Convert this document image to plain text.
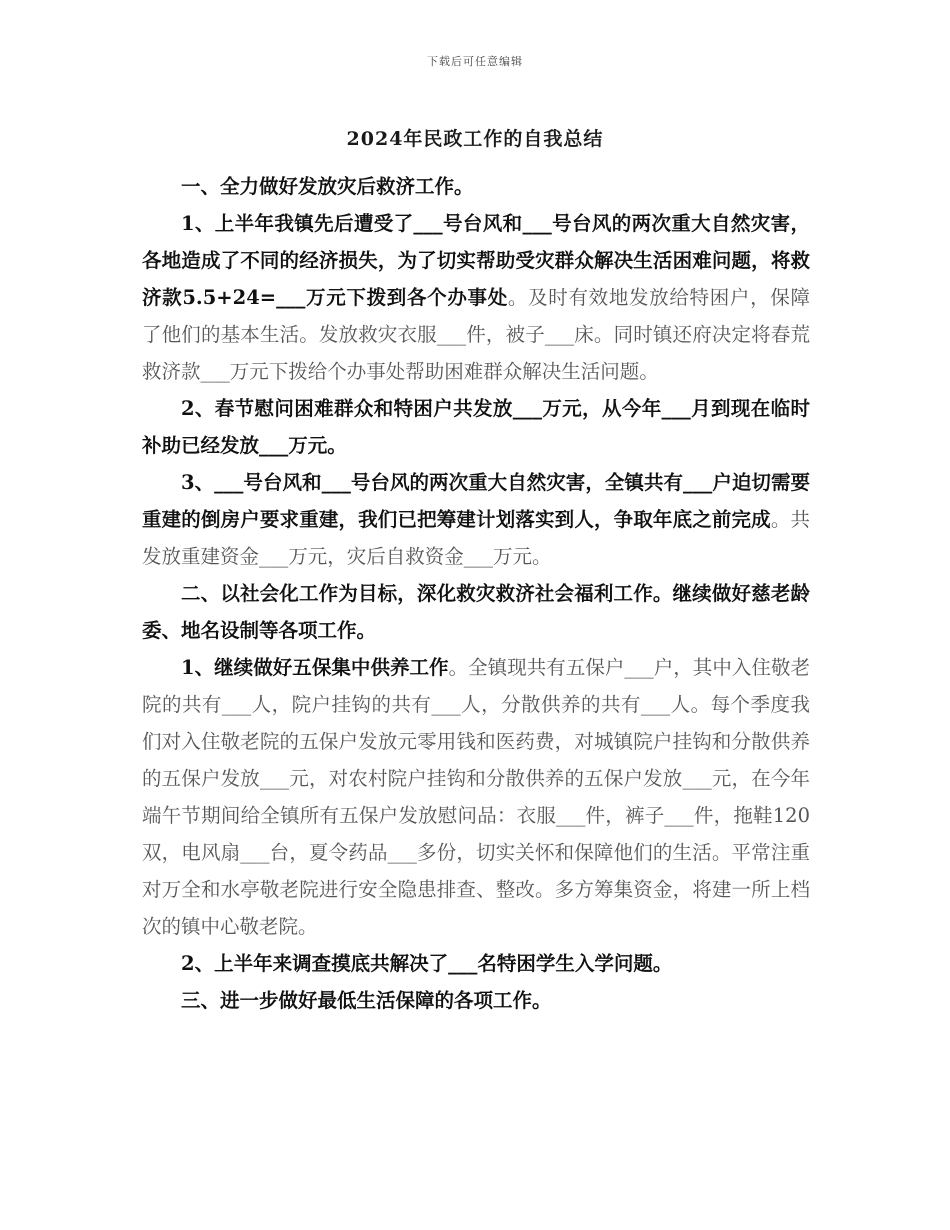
下载后可任意编辑
2024年民政工作的自我总结

一、全力做好发放灾后救济工作。

1、上半年我镇先后遭受了___号台风和___号台风的两次重大自然灾害，各地造成了不同的经济损失，为了切实帮助受灾群众解决生活困难问题，将救济款5.5+24=___万元下拨到各个办事处。及时有效地发放给特困户，保障了他们的基本生活。发放救灾衣服___件，被子___床。同时镇还府决定将春荒救济款___万元下拨给个办事处帮助困难群众解决生活问题。

2、春节慰问困难群众和特困户共发放___万元，从今年___月到现在临时补助已经发放___万元。

3、___号台风和___号台风的两次重大自然灾害，全镇共有___户迫切需要重建的倒房户要求重建，我们已把筹建计划落实到人，争取年底之前完成。共发放重建资金___万元，灾后自救资金___万元。

二、以社会化工作为目标，深化救灾救济社会福利工作。继续做好慈老龄委、地名设制等各项工作。

1、继续做好五保集中供养工作。全镇现共有五保户___户，其中入住敬老院的共有___人，院户挂钩的共有___人，分散供养的共有___人。每个季度我们对入住敬老院的五保户发放元零用钱和医药费，对城镇院户挂钩和分散供养的五保户发放___元，对农村院户挂钩和分散供养的五保户发放___元，在今年端午节期间给全镇所有五保户发放慰问品：衣服___件，裤子___件，拖鞋120双，电风扇___台，夏令药品___多份，切实关怀和保障他们的生活。平常注重对万全和水亭敬老院进行安全隐患排查、整改。多方筹集资金，将建一所上档次的镇中心敬老院。

2、上半年来调查摸底共解决了___名特困学生入学问题。

三、进一步做好最低生活保障的各项工作。
